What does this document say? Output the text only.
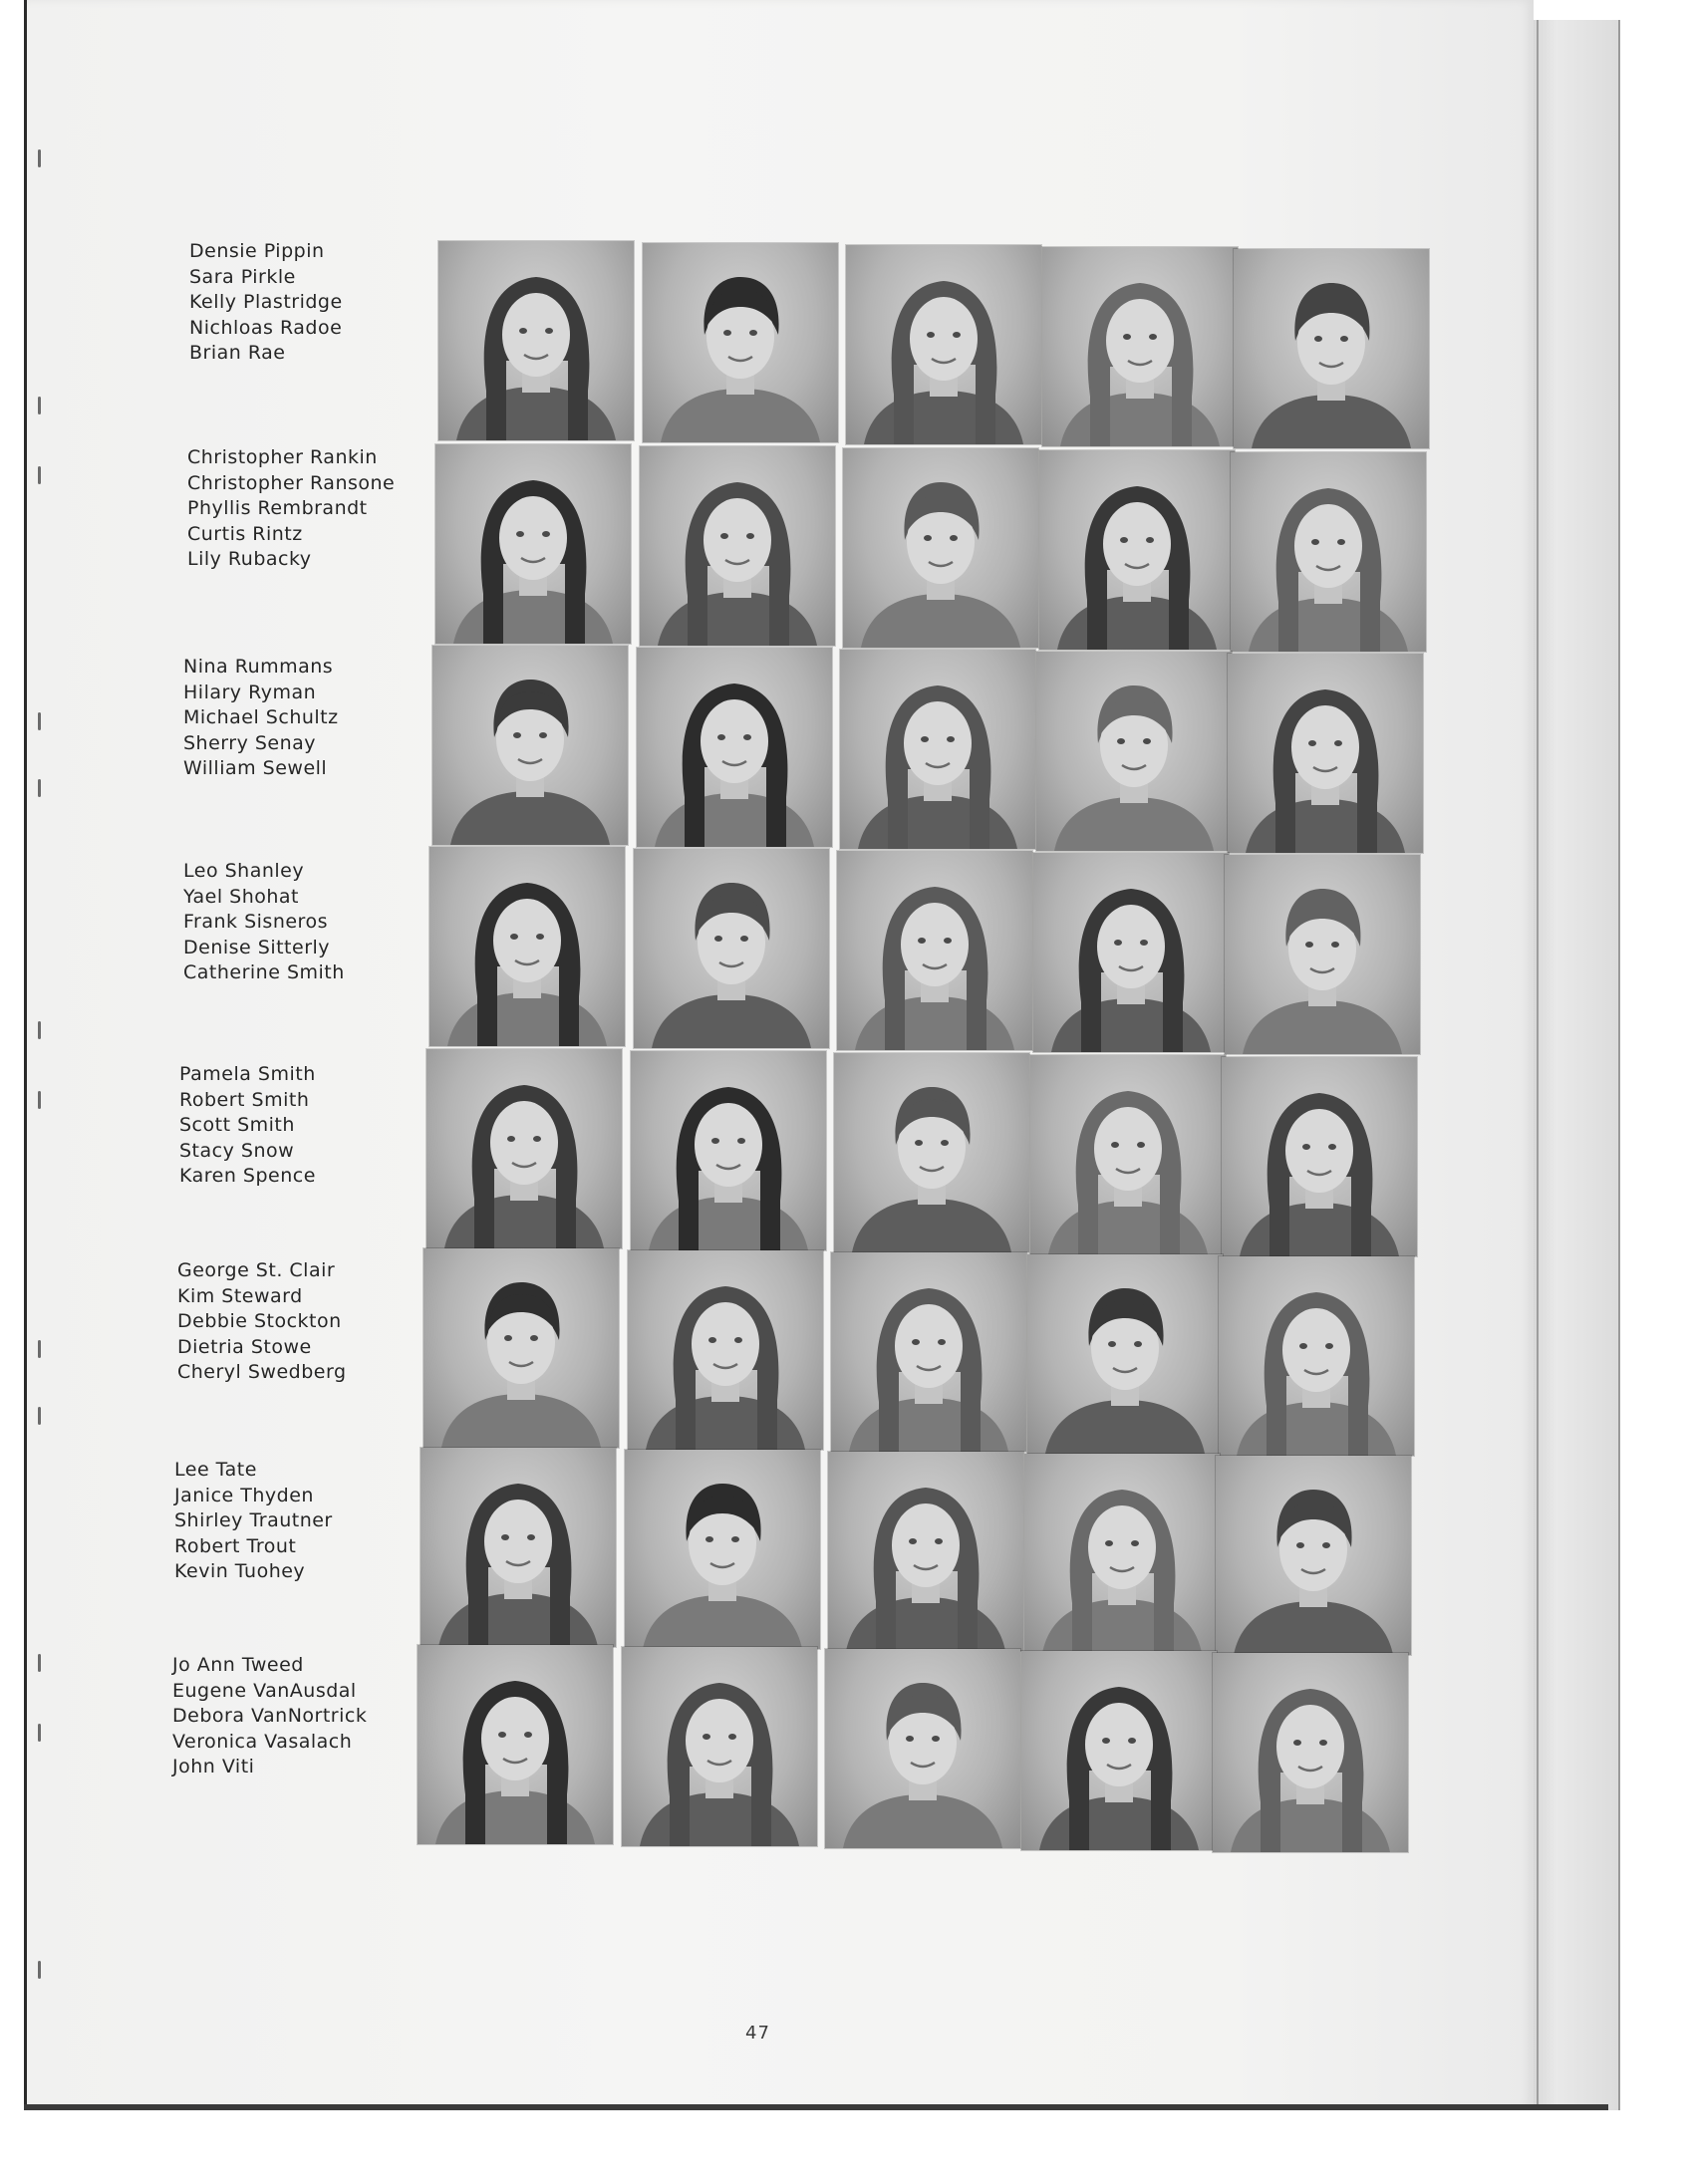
Densie Pippin
Sara Pirkle
Kelly Plastridge
Nichloas Radoe
Brian Rae
Christopher Rankin
Christopher Ransone
Phyllis Rembrandt
Curtis Rintz
Lily Rubacky
Nina Rummans
Hilary Ryman
Michael Schultz
Sherry Senay
William Sewell
Leo Shanley
Yael Shohat
Frank Sisneros
Denise Sitterly
Catherine Smith
Pamela Smith
Robert Smith
Scott Smith
Stacy Snow
Karen Spence
George St. Clair
Kim Steward
Debbie Stockton
Dietria Stowe
Cheryl Swedberg
Lee Tate
Janice Thyden
Shirley Trautner
Robert Trout
Kevin Tuohey
Jo Ann Tweed
Eugene VanAusdal
Debora VanNortrick
Veronica Vasalach
John Viti
47
